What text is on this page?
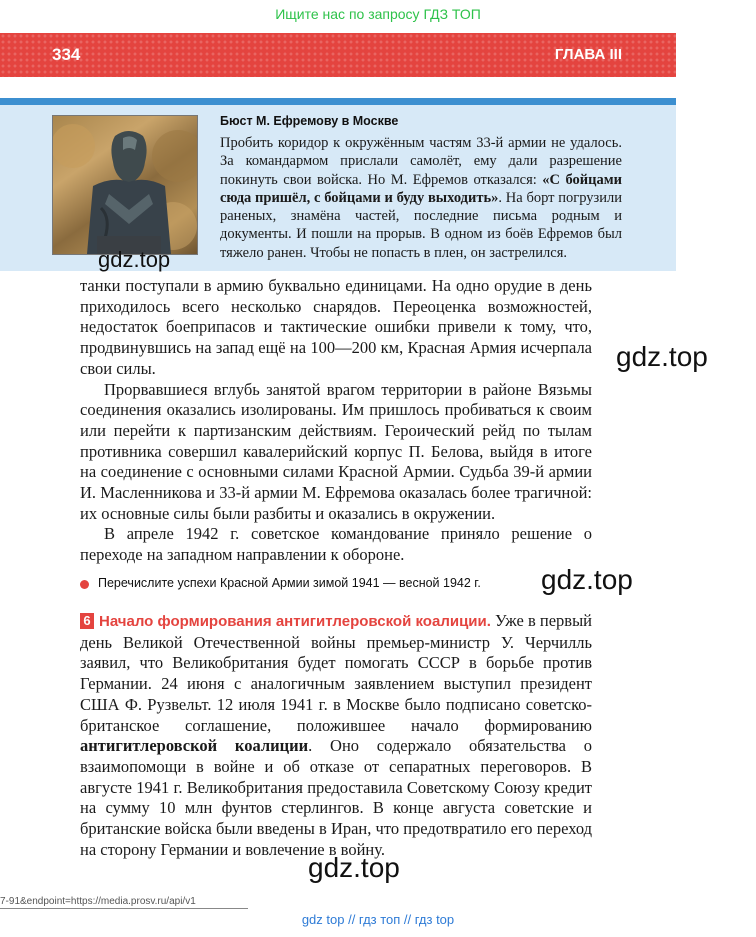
Ищите нас по запросу ГДЗ ТОП
334	ГЛАВА III
Бюст М. Ефремову в Москве
Пробить коридор к окружённым частям 33-й армии не удалось. За командармом прислали самолёт, ему дали разрешение покинуть свои войска. Но М. Ефремов отказался: «С бойцами сюда пришёл, с бойцами и буду выходить». На борт погрузили раненых, знамёна частей, последние письма родным и документы. И пошли на прорыв. В одном из боёв Ефремов был тяжело ранен. Чтобы не попасть в плен, он застрелился.
gdz.top
gdz.top
gdz.top
gdz.top

танки поступали в армию буквально единицами. На одно орудие в день приходилось всего несколько снарядов. Переоценка возможностей, недостаток боеприпасов и тактические ошибки привели к тому, что, продвинувшись на запад ещё на 100—200 км, Красная Армия исчерпала свои силы.

Прорвавшиеся вглубь занятой врагом территории в районе Вязьмы соединения оказались изолированы. Им пришлось пробиваться к своим или перейти к партизанским действиям. Героический рейд по тылам противника совершил кавалерийский корпус П. Белова, выйдя в итоге на соединение с основными силами Красной Армии. Судьба 39-й армии И. Масленникова и 33-й армии М. Ефремова оказалась более трагичной: их основные силы были разбиты и оказались в окружении.

В апреле 1942 г. советское командование приняло решение о переходе на западном направлении к обороне.

Перечислите успехи Красной Армии зимой 1941 — весной 1942 г.

6 Начало формирования антигитлеровской коалиции. Уже в первый день Великой Отечественной войны премьер-министр У. Черчилль заявил, что Великобритания будет помогать СССР в борьбе против Германии. 24 июня с аналогичным заявлением выступил президент США Ф. Рузвельт. 12 июля 1941 г. в Москве было подписано советско-британское соглашение, положившее начало формированию антигитлеровской коалиции. Оно содержало обязательства о взаимопомощи в войне и об отказе от сепаратных переговоров. В августе 1941 г. Великобритания предоставила Советскому Союзу кредит на сумму 10 млн фунтов стерлингов. В конце августа советские и британские войска были введены в Иран, что предотвратило его переход на сторону Германии и вовлечение в войну.

7-91&endpoint=https://media.prosv.ru/api/v1
gdz top // гдз топ // гдз top
